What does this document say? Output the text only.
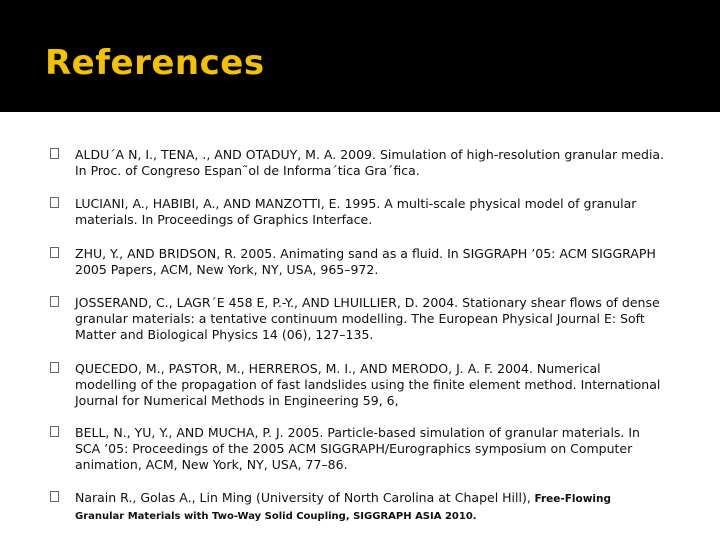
References

ALDU´A N, I., TENA, ., AND OTADUY, M. A. 2009. Simulation of high-resolution granular media. In Proc. of Congreso Espan˜ol de Informa´tica Gra´fica.

LUCIANI, A., HABIBI, A., AND MANZOTTI, E. 1995. A multi-scale physical model of granular materials. In Proceedings of Graphics Interface.

ZHU, Y., AND BRIDSON, R. 2005. Animating sand as a fluid. In SIGGRAPH ’05: ACM SIGGRAPH 2005 Papers, ACM, New York, NY, USA, 965–972.

JOSSERAND, C., LAGR´E 458 E, P.-Y., AND LHUILLIER, D. 2004. Stationary shear flows of dense granular materials: a tentative continuum modelling. The European Physical Journal E: Soft Matter and Biological Physics 14 (06), 127–135.

QUECEDO, M., PASTOR, M., HERREROS, M. I., AND MERODO, J. A. F. 2004. Numerical modelling of the propagation of fast landslides using the finite element method. International Journal for Numerical Methods in Engineering 59, 6,

BELL, N., YU, Y., AND MUCHA, P. J. 2005. Particle-based simulation of granular materials. In SCA ’05: Proceedings of the 2005 ACM SIGGRAPH/Eurographics symposium on Computer animation, ACM, New York, NY, USA, 77–86.

Narain R., Golas A., Lin Ming (University of North Carolina at Chapel Hill), Free-Flowing
Granular Materials with Two-Way Solid Coupling, SIGGRAPH ASIA 2010.
